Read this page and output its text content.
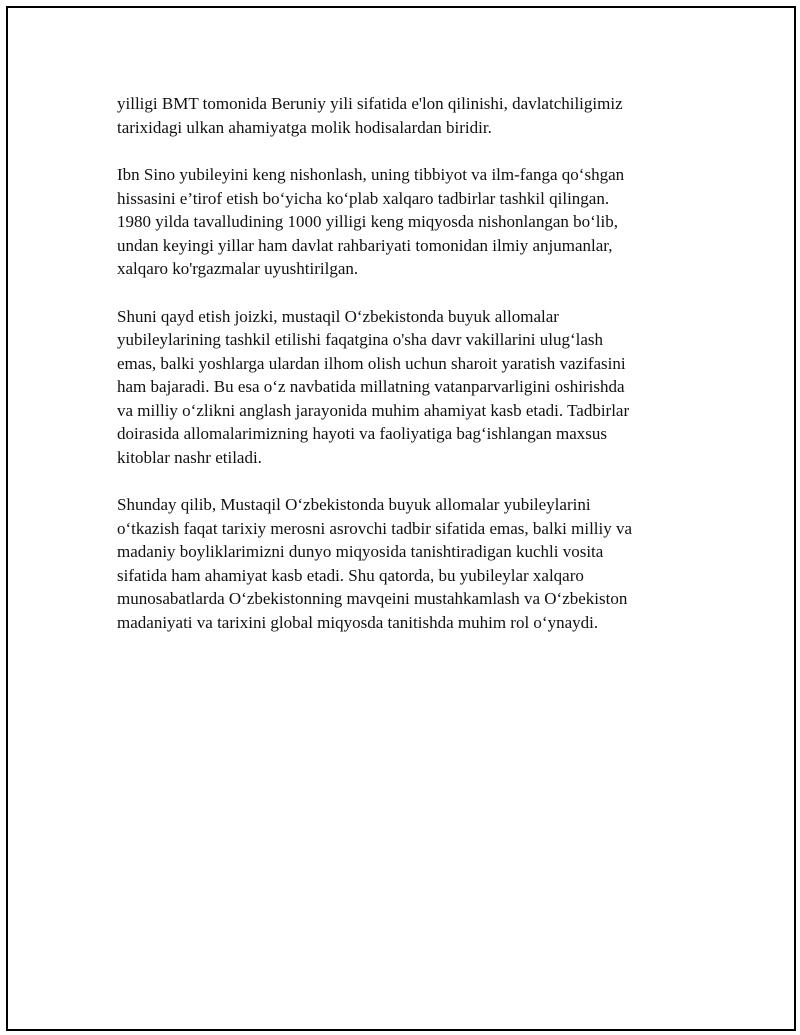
yilligi BMT tomonida Beruniy yili sifatida e'lon qilinishi, davlatchiligimiz
tarixidagi ulkan ahamiyatga molik hodisalardan biridir.

Ibn Sino yubileyini keng nishonlash, uning tibbiyot va ilm-fanga qo‘shgan
hissasini e’tirof etish bo‘yicha ko‘plab xalqaro tadbirlar tashkil qilingan.
1980 yilda tavalludining 1000 yilligi keng miqyosda nishonlangan bo‘lib,
undan keyingi yillar ham davlat rahbariyati tomonidan ilmiy anjumanlar,
xalqaro ko'rgazmalar uyushtirilgan.

Shuni qayd etish joizki, mustaqil O‘zbekistonda buyuk allomalar
yubileylarining tashkil etilishi faqatgina o'sha davr vakillarini ulug‘lash
emas, balki yoshlarga ulardan ilhom olish uchun sharoit yaratish vazifasini
ham bajaradi. Bu esa o‘z navbatida millatning vatanparvarligini oshirishda
va milliy o‘zlikni anglash jarayonida muhim ahamiyat kasb etadi. Tadbirlar
doirasida allomalarimizning hayoti va faoliyatiga bag‘ishlangan maxsus
kitoblar nashr etiladi.

Shunday qilib, Mustaqil O‘zbekistonda buyuk allomalar yubileylarini
o‘tkazish faqat tarixiy merosni asrovchi tadbir sifatida emas, balki milliy va
madaniy boyliklarimizni dunyo miqyosida tanishtiradigan kuchli vosita
sifatida ham ahamiyat kasb etadi. Shu qatorda, bu yubileylar xalqaro
munosabatlarda O‘zbekistonning mavqeini mustahkamlash va O‘zbekiston
madaniyati va tarixini global miqyosda tanitishda muhim rol o‘ynaydi.
